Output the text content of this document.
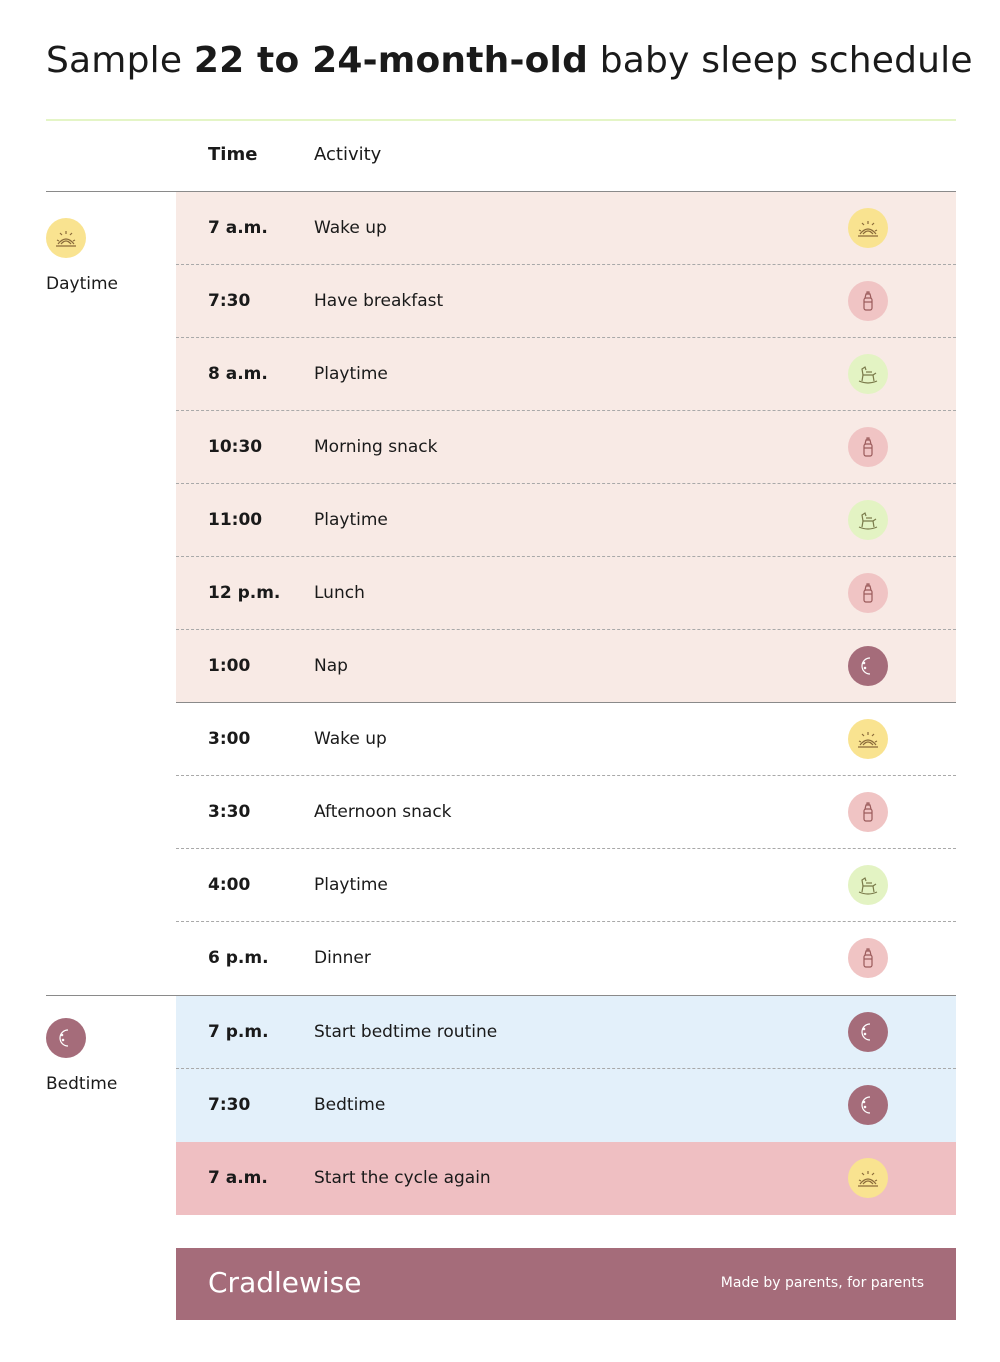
Sample 22 to 24-month-old baby sleep schedule
Time	Activity
Daytime
Bedtime
7 a.m.	Wake up
7:30	Have breakfast
8 a.m.	Playtime
10:30	Morning snack
11:00	Playtime
12 p.m. Lunch
1:00	Nap
3:00	Wake up
3:30	Afternoon snack
4:00	Playtime
6 p.m.	Dinner
7 p.m.	Start bedtime routine
7:30	Bedtime
7 a.m.	Start the cycle again
Cradlewise	Made by parents, for parents
